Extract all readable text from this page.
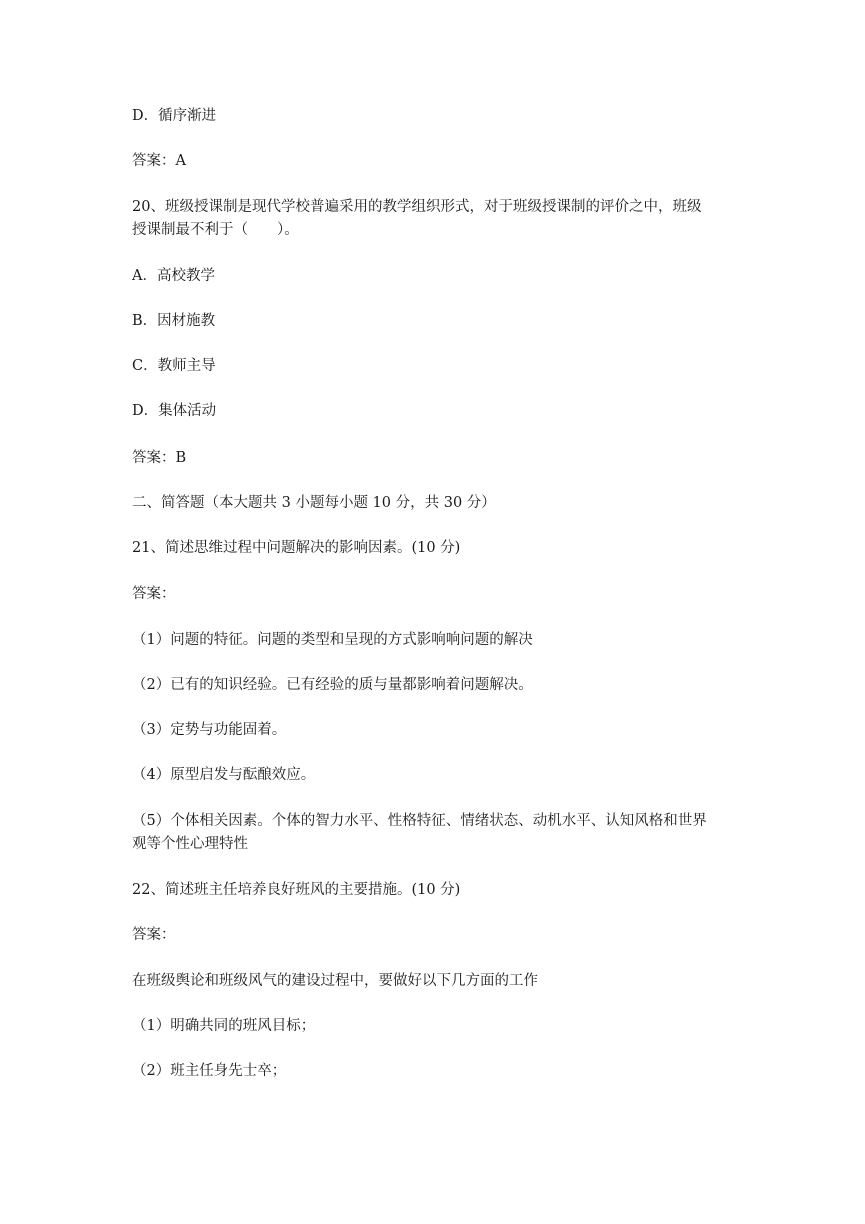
D．循序渐进
答案：A
20、班级授课制是现代学校普遍采用的教学组织形式，对于班级授课制的评价之中，班级
授课制最不利于（　　）。
A．高校教学
B．因材施教
C．教师主导
D．集体活动
答案：B
二、简答题（本大题共 3 小题每小题 10 分，共 30 分）
21、简述思维过程中问题解决的影响因素。(10 分)
答案：
（1）问题的特征。问题的类型和呈现的方式影响响问题的解决
（2）已有的知识经验。已有经验的质与量都影响着问题解决。
（3）定势与功能固着。
（4）原型启发与酝酿效应。
（5）个体相关因素。个体的智力水平、性格特征、情绪状态、动机水平、认知风格和世界
观等个性心理特性
22、简述班主任培养良好班风的主要措施。(10 分)
答案：
在班级舆论和班级风气的建设过程中，要做好以下几方面的工作
（1）明确共同的班风目标；
（2）班主任身先士卒；
